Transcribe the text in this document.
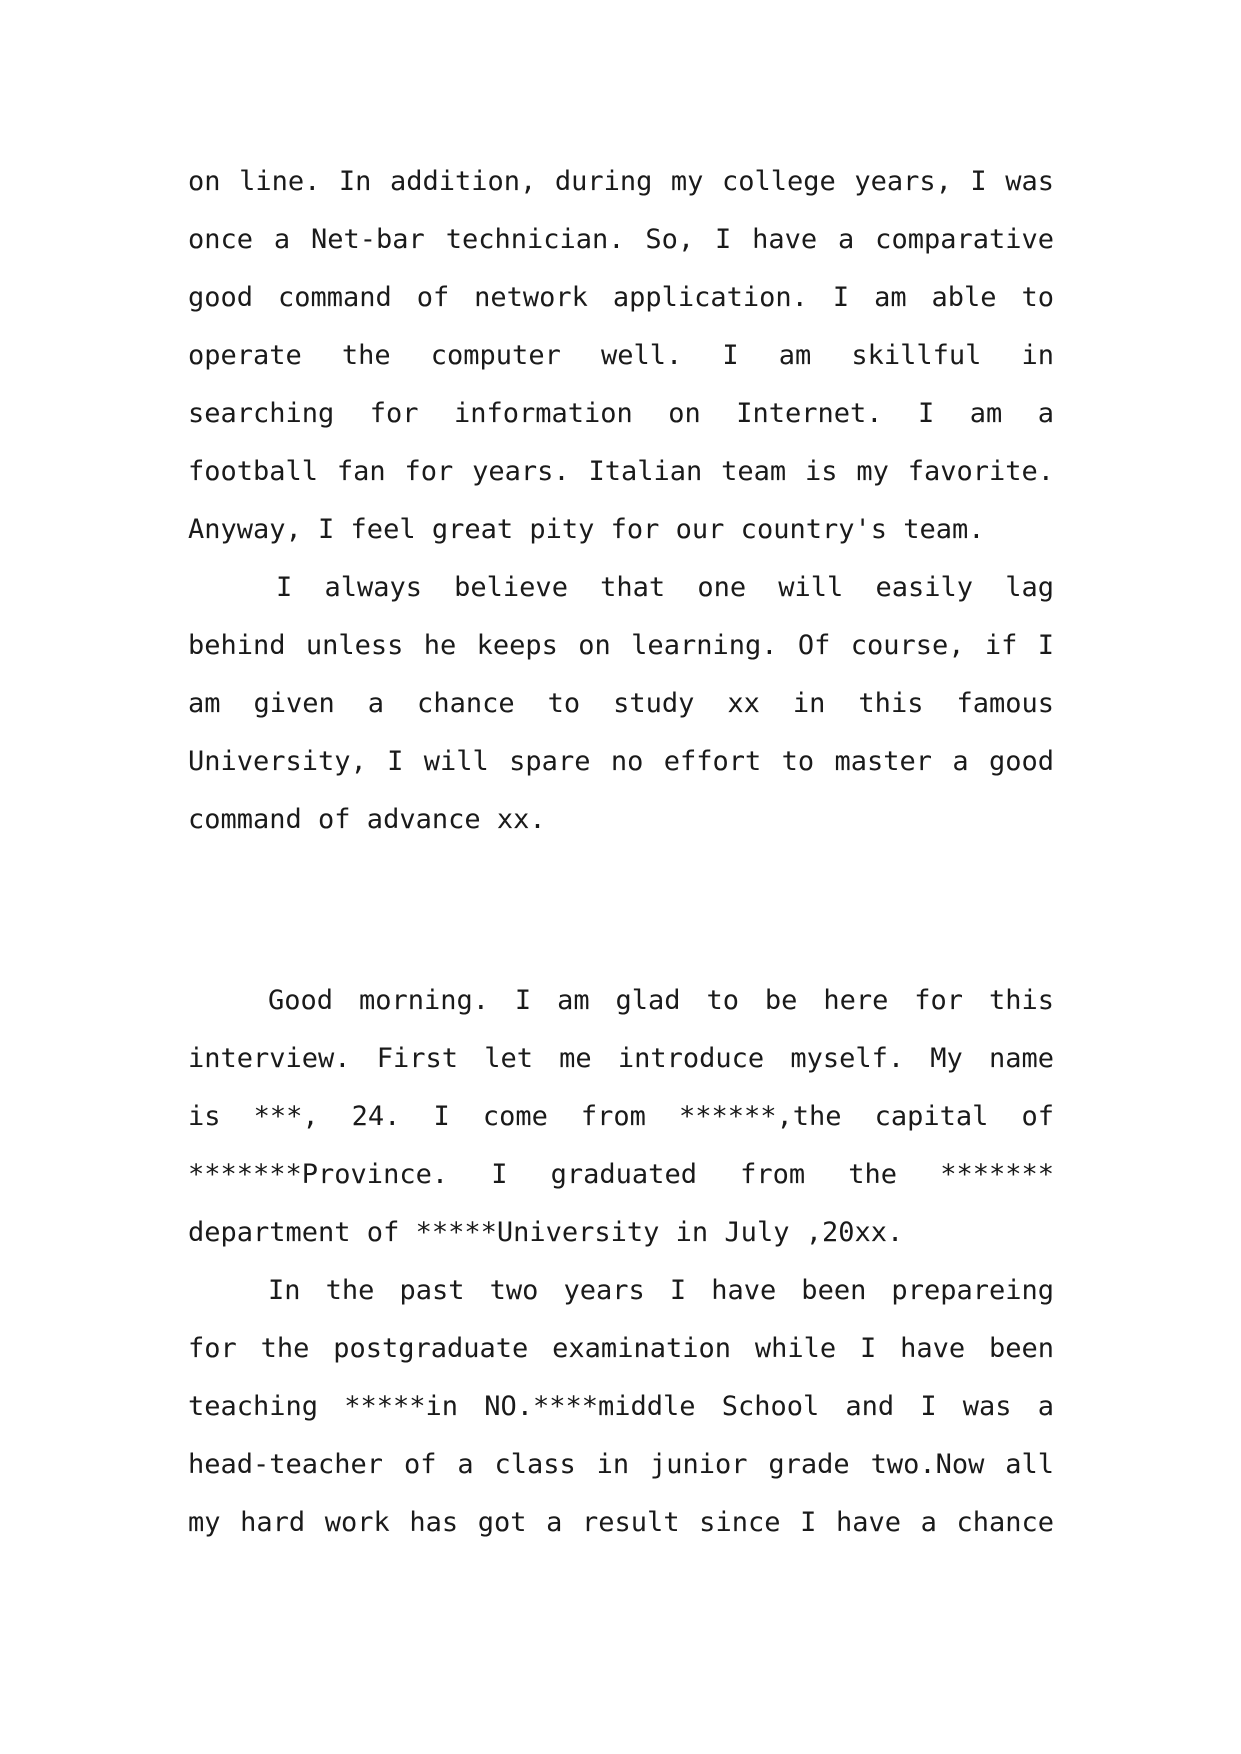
on line. In addition, during my college years, I was
once a Net-bar technician. So, I have a comparative
good command of network application. I am able to
operate the computer well. I am skillful in
searching for information on Internet. I am a
football fan for years. Italian team is my favorite.
Anyway, I feel great pity for our country's team.
I always believe that one will easily lag
behind unless he keeps on learning. Of course, if I
am given a chance to study xx in this famous
University, I will spare no effort to master a good
command of advance xx.
Good morning. I am glad to be here for this
interview. First let me introduce myself. My name
is ***, 24. I come from ******,the capital of
*******Province. I graduated from the *******
department of *****University in July ,20xx.
In the past two years I have been prepareing
for the postgraduate examination while I have been
teaching *****in NO.****middle School and I was a
head-teacher of a class in junior grade two.Now all
my hard work has got a result since I have a chance
